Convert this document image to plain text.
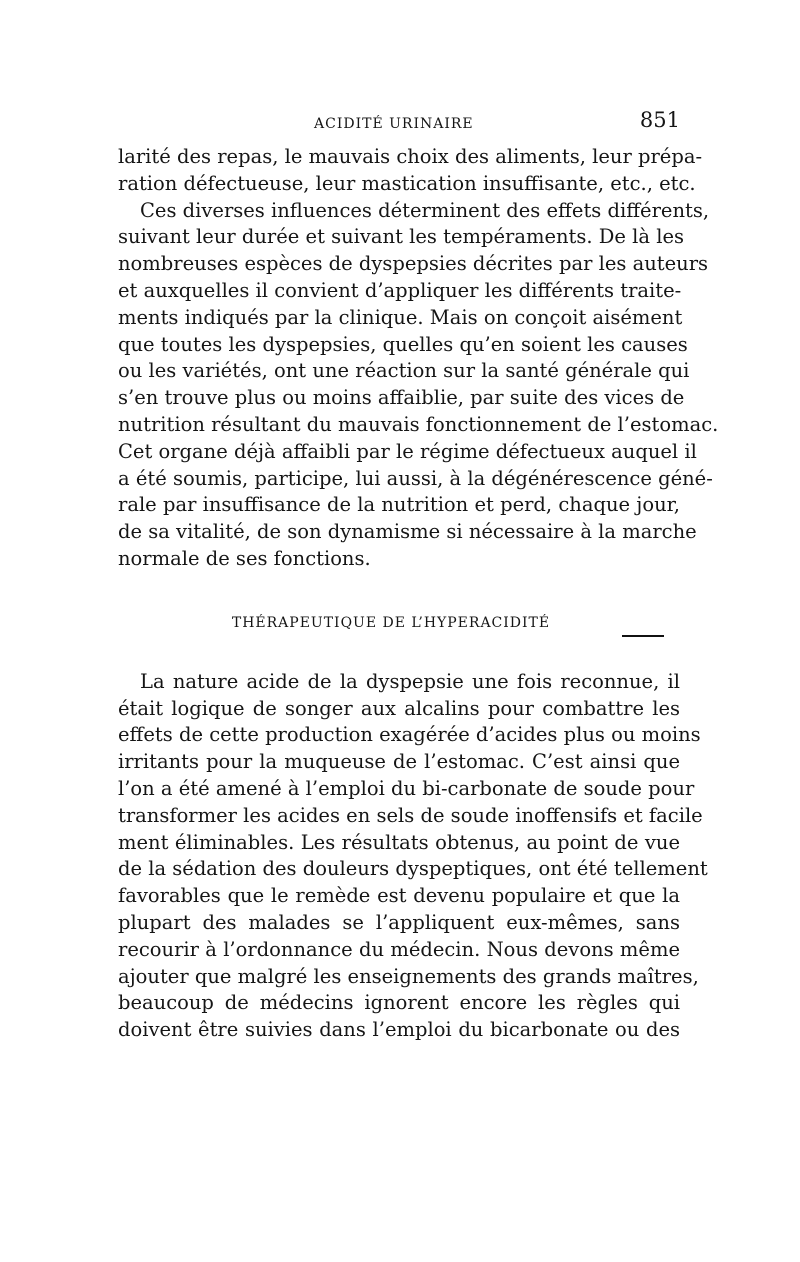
ACIDITÉ URINAIRE	851

larité des repas, le mauvais choix des aliments, leur prépa-
ration défectueuse, leur mastication insuffisante, etc., etc.

Ces diverses influences déterminent des effets différents,
suivant leur durée et suivant les tempéraments. De là les
nombreuses espèces de dyspepsies décrites par les auteurs
et auxquelles il convient d’appliquer les différents traite-
ments indiqués par la clinique. Mais on conçoit aisément
que toutes les dyspepsies, quelles qu’en soient les causes
ou les variétés, ont une réaction sur la santé générale qui
s’en trouve plus ou moins affaiblie, par suite des vices de
nutrition résultant du mauvais fonctionnement de l’estomac.
Cet organe déjà affaibli par le régime défectueux auquel il
a été soumis, participe, lui aussi, à la dégénérescence géné-
rale par insuffisance de la nutrition et perd, chaque jour,
de sa vitalité, de son dynamisme si nécessaire à la marche
normale de ses fonctions.

THÉRAPEUTIQUE DE L’HYPERACIDITÉ

La nature acide de la dyspepsie une fois reconnue, il
était logique de songer aux alcalins pour combattre les
effets de cette production exagérée d’acides plus ou moins
irritants pour la muqueuse de l’estomac. C’est ainsi que
l’on a été amené à l’emploi du bi-carbonate de soude pour
transformer les acides en sels de soude inoffensifs et facile
ment éliminables. Les résultats obtenus, au point de vue
de la sédation des douleurs dyspeptiques, ont été tellement
favorables que le remède est devenu populaire et que la
plupart des malades se l’appliquent eux-mêmes, sans
recourir à l’ordonnance du médecin. Nous devons même
ajouter que malgré les enseignements des grands maîtres,
beaucoup de médecins ignorent encore les règles qui
doivent être suivies dans l’emploi du bicarbonate ou des
